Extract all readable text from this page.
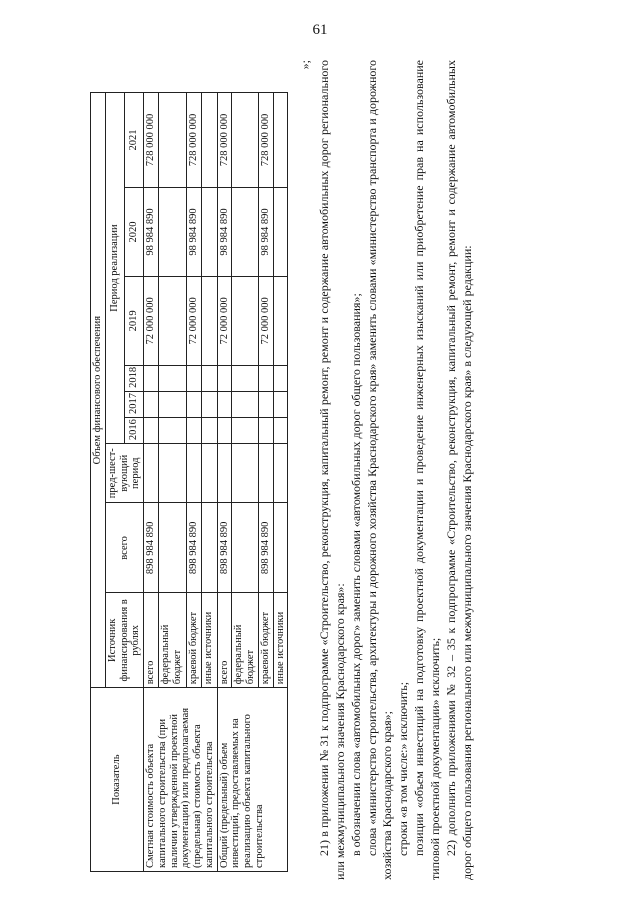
61
Показатель	Объем финансового обеспечения								
	Источник финансирования в рублях	всего	пред-шест-вующий период	Период реализации					
				2016	2017	2018	2019	2020	2021
Сметная стоимость объекта капитального строительства (при наличии утвержденной проектной документации) или предполагаемая (предельная) стоимость объекта капитального строительства	всего	898 984 890					72 000 000	98 984 890	728 000 000
	федеральный бюджет								
	краевой бюджет	898 984 890					72 000 000	98 984 890	728 000 000
	иные источники								
Общий (предельный) объем инвестиций, предоставляемых на реализацию объекта капитального строительства	всего	898 984 890					72 000 000	98 984 890	728 000 000
	федеральный бюджет								
	краевой бюджет	898 984 890					72 000 000	98 984 890	728 000 000
	иные источники								

»; 21) в приложении № 31 к подпрограмме «Строительство, реконструкция, капитальный ремонт, ремонт и содержание автомобильных дорог регионального или межмуниципального значения Краснодарского края»: в обозначении слова «автомобильных дорог» заменить словами «автомобильных дорог общего пользования»; слова «министерство строительства, архитектуры и дорожного хозяйства Краснодарского края» заменить словами «министерство транспорта и дорожного хозяйства Краснодарского края»; строки «в том числе:» исключить; позиции «объем инвестиций на подготовку проектной документации и проведение инженерных изысканий или приобретение прав на использование типовой проектной документации» исключить; 22) дополнить приложениями № 32 – 35 к подпрограмме «Строительство, реконструкция, капитальный ремонт, ремонт и содержание автомобильных дорог общего пользования регионального или межмуниципального значения Краснодарского края» в следующей редакции:
